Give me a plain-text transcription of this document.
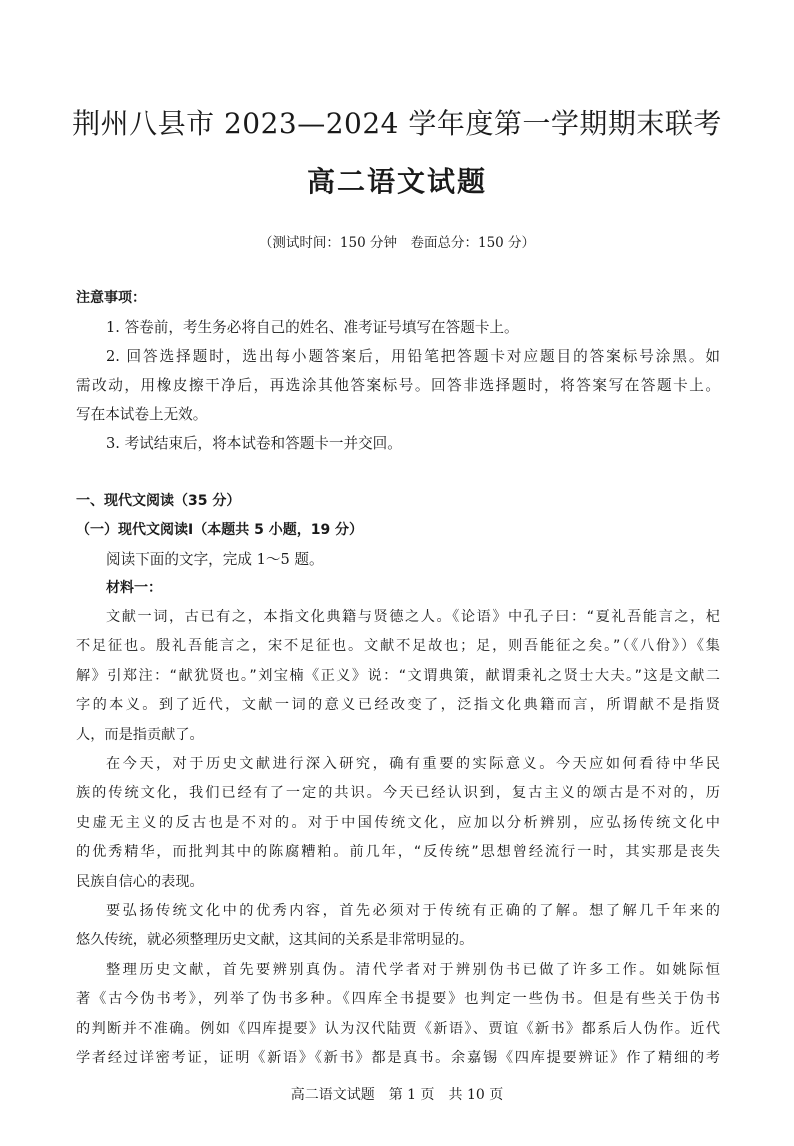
荆州八县市 2023—2024 学年度第一学期期末联考
高二语文试题
（测试时间：150 分钟　卷面总分：150 分）
注意事项：
1. 答卷前，考生务必将自己的姓名、准考证号填写在答题卡上。
2. 回答选择题时，选出每小题答案后，用铅笔把答题卡对应题目的答案标号涂黑。如
需改动，用橡皮擦干净后，再选涂其他答案标号。回答非选择题时，将答案写在答题卡上。
写在本试卷上无效。
3. 考试结束后，将本试卷和答题卡一并交回。
一、现代文阅读（35 分）
（一）现代文阅读Ⅰ（本题共 5 小题，19 分）
阅读下面的文字，完成 1～5 题。
材料一：
文献一词，古已有之，本指文化典籍与贤德之人。《论语》中孔子曰：“夏礼吾能言之，杞
不足征也。殷礼吾能言之，宋不足征也。文献不足故也；足，则吾能征之矣。”（《八佾》）《集
解》引郑注：“献犹贤也。”刘宝楠《正义》说：“文谓典策，献谓秉礼之贤士大夫。”这是文献二
字的本义。到了近代，文献一词的意义已经改变了，泛指文化典籍而言，所谓献不是指贤
人，而是指贡献了。
在今天，对于历史文献进行深入研究，确有重要的实际意义。今天应如何看待中华民
族的传统文化，我们已经有了一定的共识。今天已经认识到，复古主义的颂古是不对的，历
史虚无主义的反古也是不对的。对于中国传统文化，应加以分析辨别，应弘扬传统文化中
的优秀精华，而批判其中的陈腐糟粕。前几年，“反传统”思想曾经流行一时，其实那是丧失
民族自信心的表现。
要弘扬传统文化中的优秀内容，首先必须对于传统有正确的了解。想了解几千年来的
悠久传统，就必须整理历史文献，这其间的关系是非常明显的。
整理历史文献，首先要辨别真伪。清代学者对于辨别伪书已做了许多工作。如姚际恒
著《古今伪书考》，列举了伪书多种。《四库全书提要》也判定一些伪书。但是有些关于伪书
的判断并不准确。例如《四库提要》认为汉代陆贾《新语》、贾谊《新书》都系后人伪作。近代
学者经过详密考证，证明《新语》《新书》都是真书。余嘉锡《四库提要辨证》作了精细的考
高二语文试题　第 1 页　共 10 页
